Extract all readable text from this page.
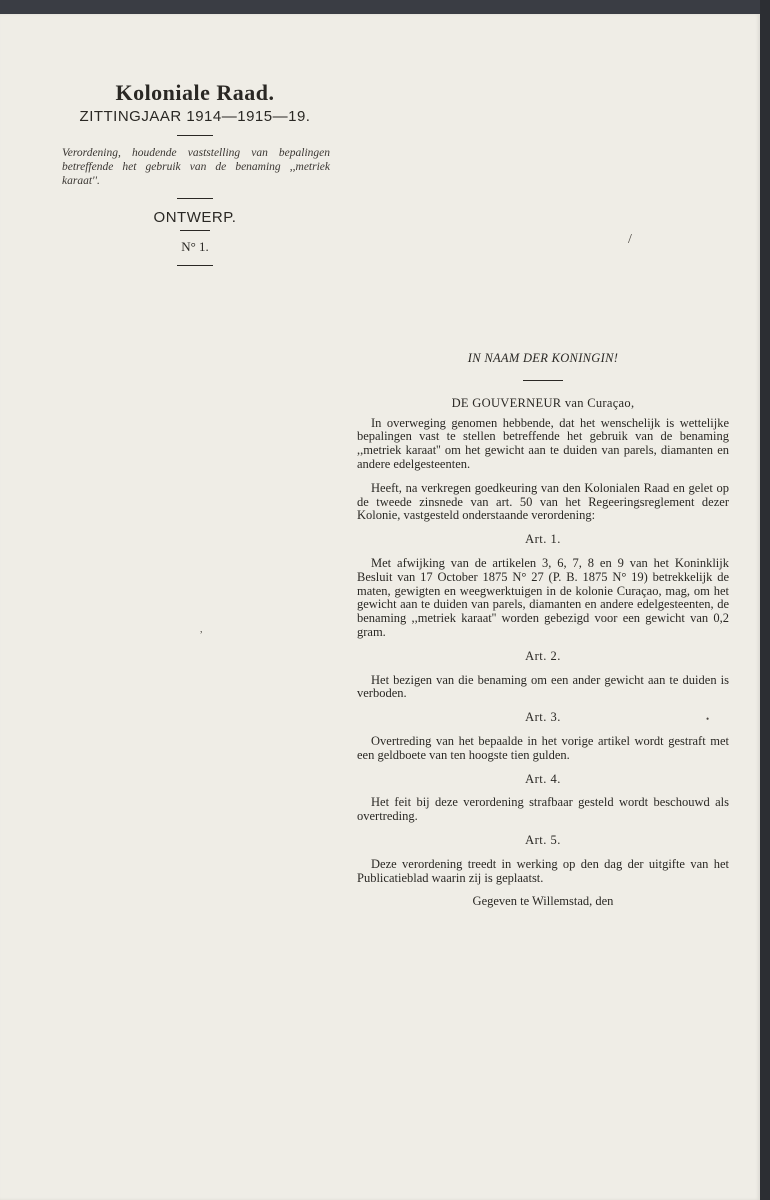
Koloniale Raad.
ZITTINGJAAR 1914—1915—19.
Verordening, houdende vaststelling van bepalingen betreffende het gebruik van de benaming ,,metriek karaat''.
ONTWERP.
N° 1.
IN NAAM DER KONINGIN!
DE GOUVERNEUR van Curaçao,

In overweging genomen hebbende, dat het wenschelijk is wettelijke bepalingen vast te stellen betreffende het gebruik van de benaming ,,metriek karaat'' om het gewicht aan te duiden van parels, diamanten en andere edelgesteenten.

Heeft, na verkregen goedkeuring van den Kolonialen Raad en gelet op de tweede zinsnede van art. 50 van het Regeeringsreglement dezer Kolonie, vastgesteld onderstaande verordening:

Art. 1.

Met afwijking van de artikelen 3, 6, 7, 8 en 9 van het Koninklijk Besluit van 17 October 1875 N° 27 (P. B. 1875 N° 19) betrekkelijk de maten, gewigten en weegwerktuigen in de kolonie Curaçao, mag, om het gewicht aan te duiden van parels, diamanten en andere edelgesteenten, de benaming ,,metriek karaat'' worden gebezigd voor een gewicht van 0,2 gram.

Art. 2.

Het bezigen van die benaming om een ander gewicht aan te duiden is verboden.

Art. 3.

Overtreding van het bepaalde in het vorige artikel wordt gestraft met een geldboete van ten hoogste tien gulden.

Art. 4.

Het feit bij deze verordening strafbaar gesteld wordt beschouwd als overtreding.

Art. 5.

Deze verordening treedt in werking op den dag der uitgifte van het Publicatieblad waarin zij is geplaatst.

Gegeven te Willemstad, den
/
,
•
